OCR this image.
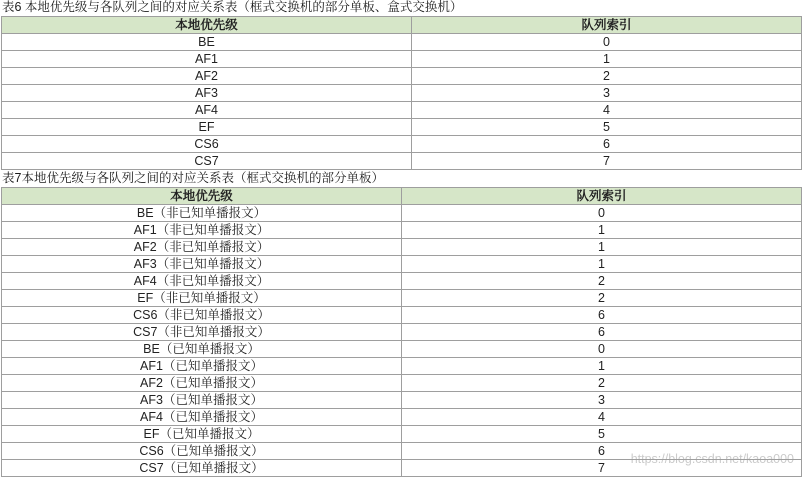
表6 本地优先级与各队列之间的对应关系表（框式交换机的部分单板、盒式交换机）
本地优先级	队列索引
BE	0
AF1	1
AF2	2
AF3	3
AF4	4
EF	5
CS6	6
CS7	7
表7本地优先级与各队列之间的对应关系表（框式交换机的部分单板）
本地优先级	队列索引
BE（非已知单播报文）	0
AF1（非已知单播报文）	1
AF2（非已知单播报文）	1
AF3（非已知单播报文）	1
AF4（非已知单播报文）	2
EF（非已知单播报文）	2
CS6（非已知单播报文）	6
CS7（非已知单播报文）	6
BE（已知单播报文）	0
AF1（已知单播报文）	1
AF2（已知单播报文）	2
AF3（已知单播报文）	3
AF4（已知单播报文）	4
EF（已知单播报文）	5
CS6（已知单播报文）	6
CS7（已知单播报文）	7
https://blog.csdn.net/kaoa000
